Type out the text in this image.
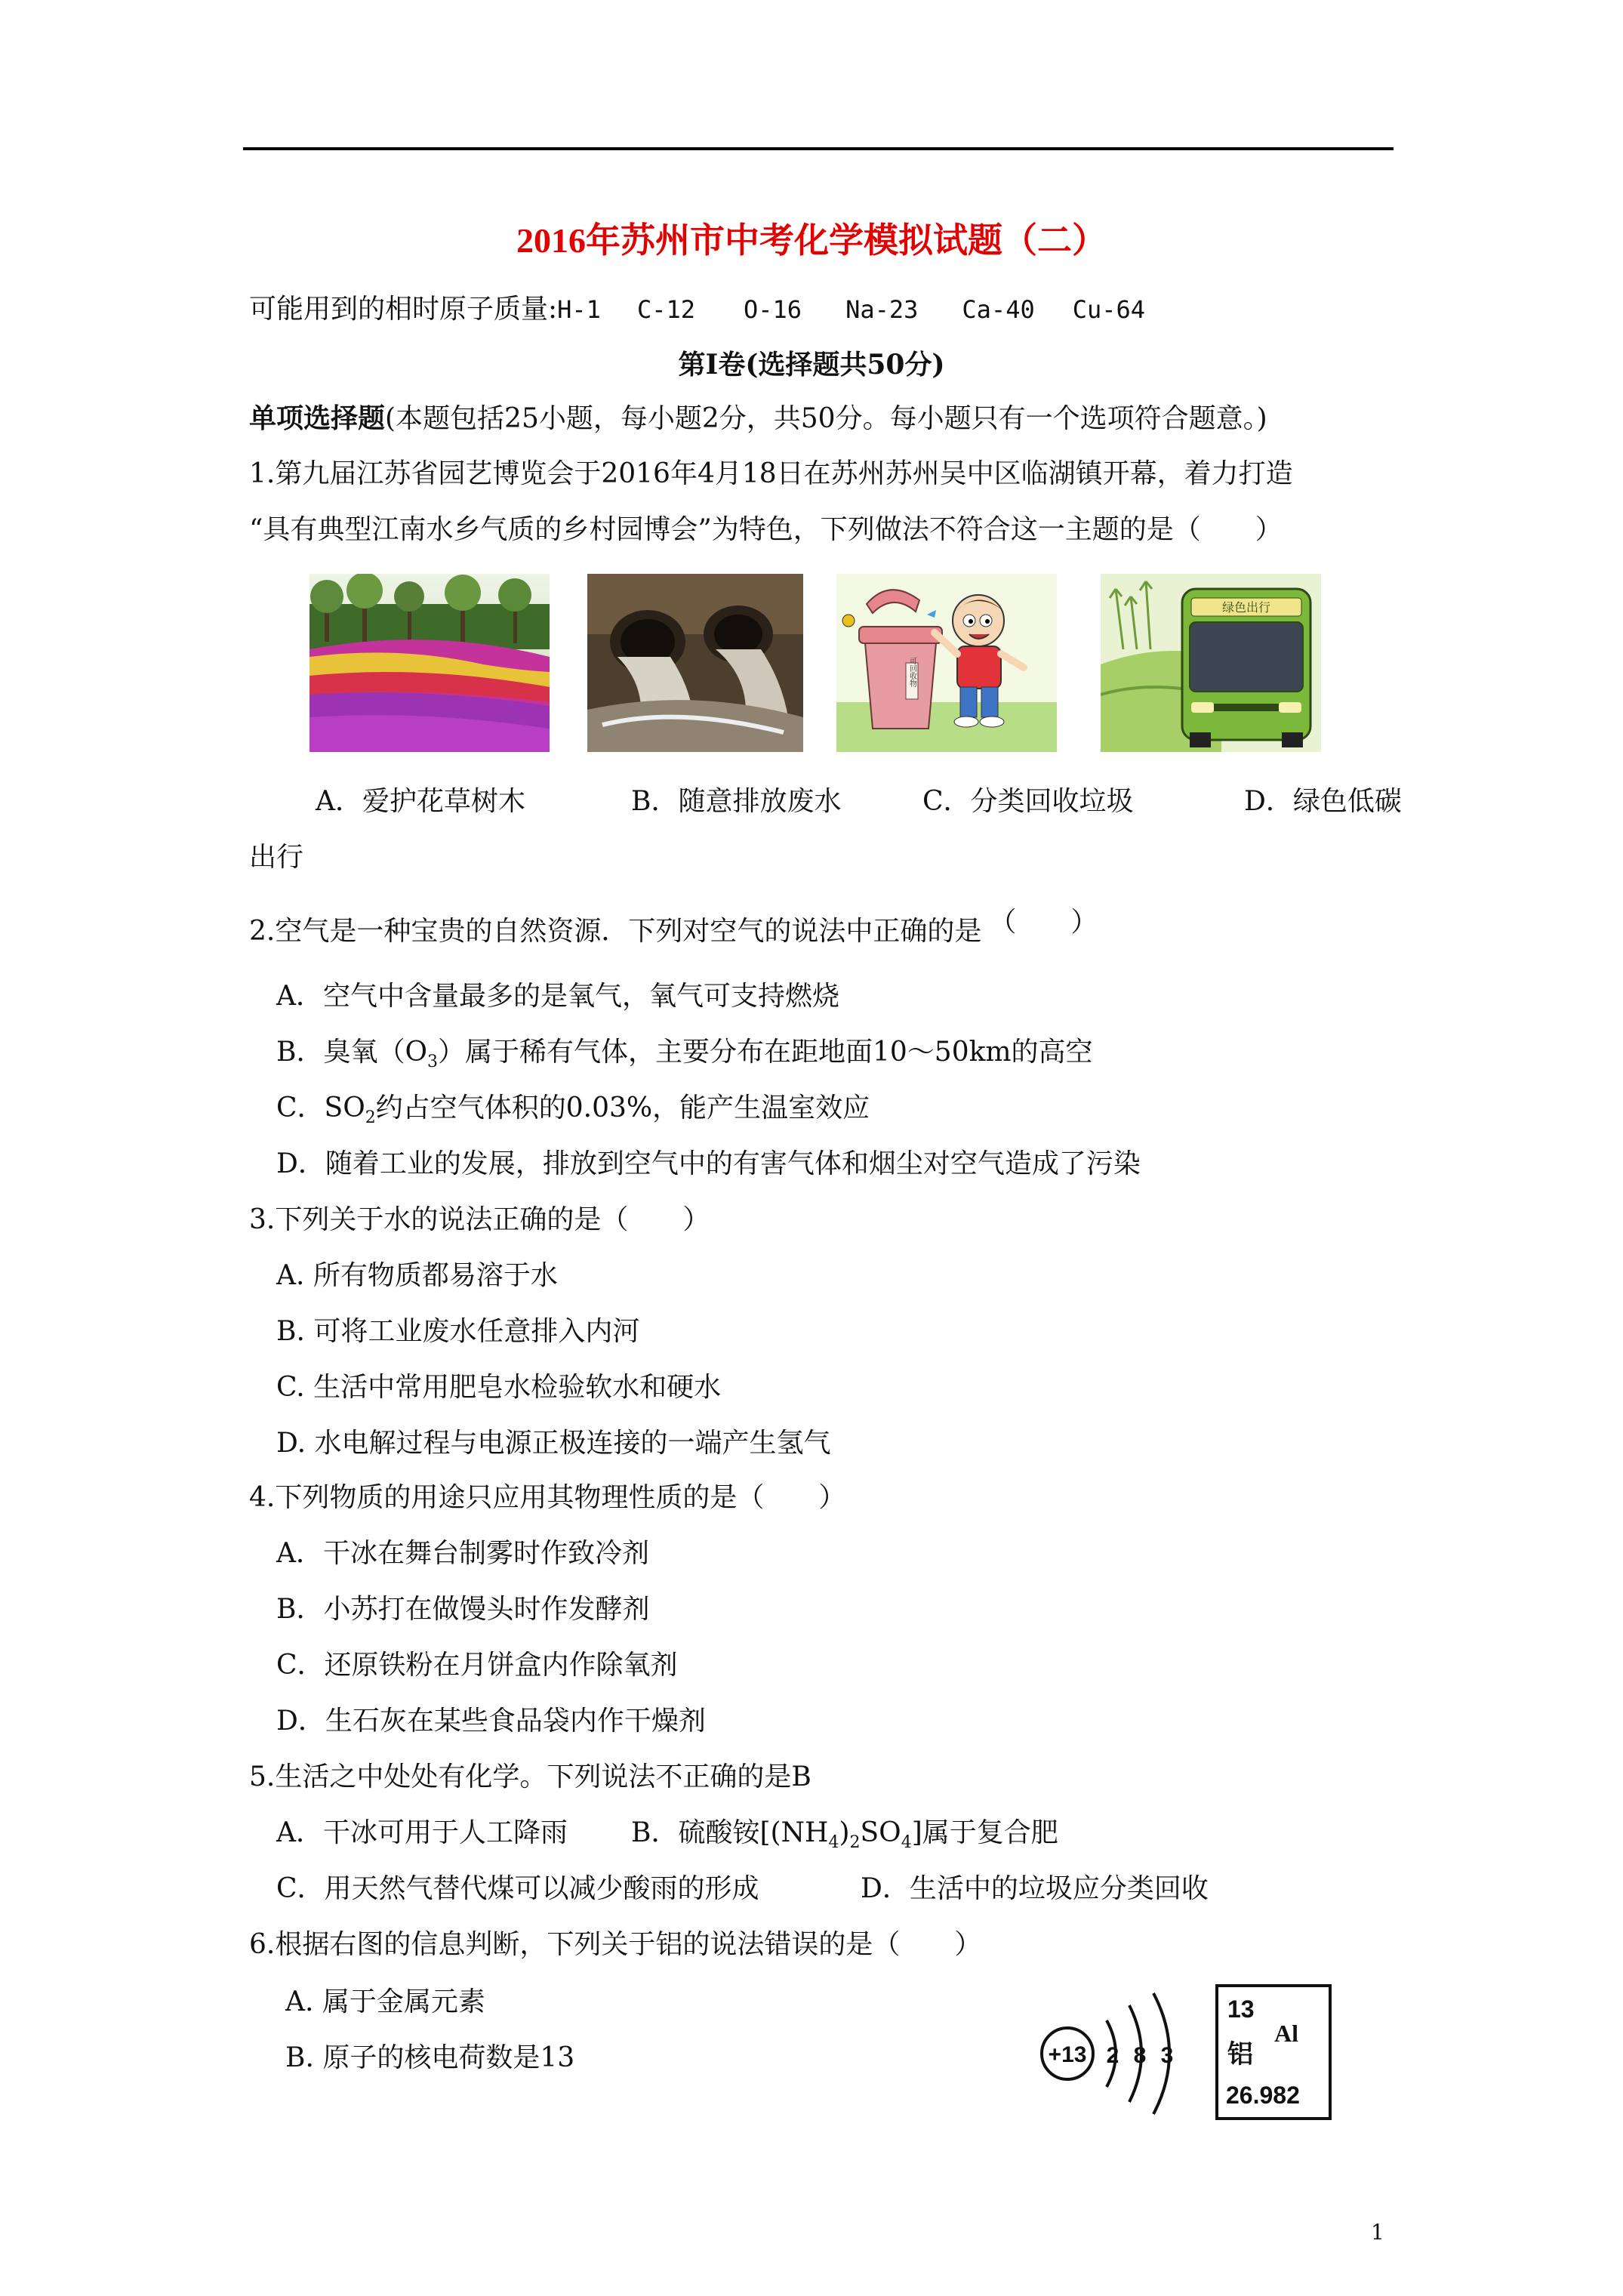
2016年苏州市中考化学模拟试题（二）
可能用到的相时原子质量:H-1 C-12 O-16 Na-23 Ca-40 Cu-64
第Ⅰ卷(选择题共50分)
单项选择题(本题包括25小题，每小题2分，共50分。每小题只有一个选项符合题意。)
1.第九届江苏省园艺博览会于2016年4月18日在苏州苏州吴中区临湖镇开幕，着力打造
“具有典型江南水乡气质的乡村园博会”为特色，下列做法不符合这一主题的是（　　）
可回收物
绿色出行
A．爱护花草树木	B．随意排放废水	C．分类回收垃圾	D．绿色低碳
出行
2.空气是一种宝贵的自然资源．下列对空气的说法中正确的是 （　　）
A．空气中含量最多的是氧气，氧气可支持燃烧
B．臭氧$(O_3)$属于稀有气体，主要分布在距地面10～50km的高空
C．$SO_2$约占空气体积的0.03%，能产生温室效应
D．随着工业的发展，排放到空气中的有害气体和烟尘对空气造成了污染
3.下列关于水的说法正确的是（　　）
A. 所有物质都易溶于水
B. 可将工业废水任意排入内河
C. 生活中常用肥皂水检验软水和硬水
D. 水电解过程与电源正极连接的一端产生氢气
4.下列物质的用途只应用其物理性质的是（　　）
A．干冰在舞台制雾时作致冷剂
B．小苏打在做馒头时作发酵剂
C．还原铁粉在月饼盒内作除氧剂
D．生石灰在某些食品袋内作干燥剂
5.生活之中处处有化学。下列说法不正确的是B
A．干冰可用于人工降雨 B．硫酸铵$[(NH_4)_2SO_4]$属于复合肥
C．用天然气替代煤可以减少酸雨的形成	D．生活中的垃圾应分类回收
6.根据右图的信息判断，下列关于铝的说法错误的是（　　）
A. 属于金属元素
B. 原子的核电荷数是13	+13 2 8 3
13
Al
铝
26.982
1
